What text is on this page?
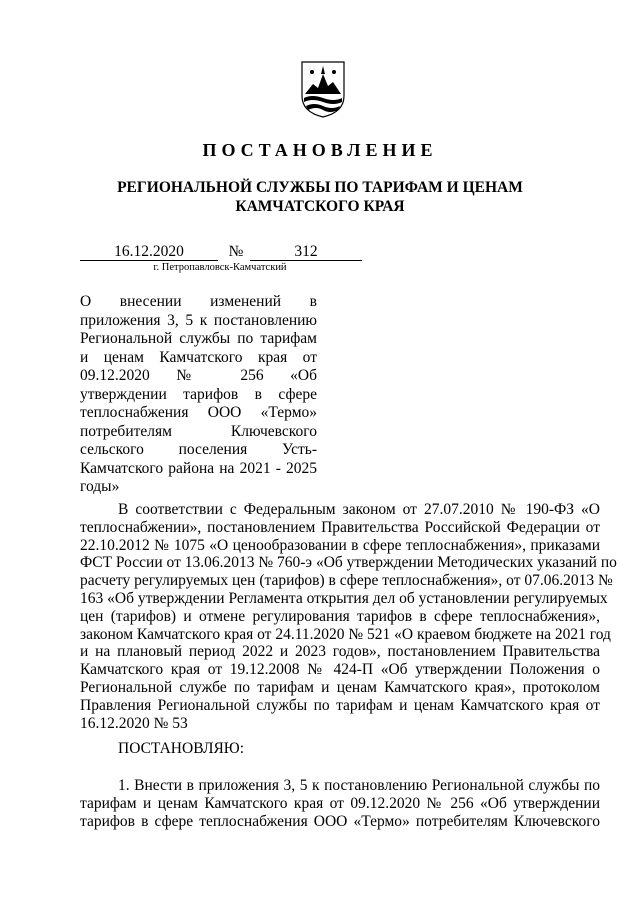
ПОСТАНОВЛЕНИЕ
РЕГИОНАЛЬНОЙ СЛУЖБЫ ПО ТАРИФАМ И ЦЕНАМ
КАМЧАТСКОГО КРАЯ
16.12.2020	№	312
г. Петропавловск-Камчатский
О внесении изменений в
приложения 3, 5 к постановлению
Региональной службы по тарифам
и ценам Камчатского края от
09.12.2020 № 256 «Об
утверждении тарифов в сфере
теплоснабжения ООО «Термо»
потребителям Ключевского
сельского поселения Усть-
Камчатского района на 2021 - 2025
годы»
В соответствии с Федеральным законом от 27.07.2010 № 190-ФЗ «О
теплоснабжении», постановлением Правительства Российской Федерации от
22.10.2012 № 1075 «О ценообразовании в сфере теплоснабжения», приказами
ФСТ России от 13.06.2013 № 760-э «Об утверждении Методических указаний по
расчету регулируемых цен (тарифов) в сфере теплоснабжения», от 07.06.2013 №
163 «Об утверждении Регламента открытия дел об установлении регулируемых
цен (тарифов) и отмене регулирования тарифов в сфере теплоснабжения»,
законом Камчатского края от 24.11.2020 № 521 «О краевом бюджете на 2021 год
и на плановый период 2022 и 2023 годов», постановлением Правительства
Камчатского края от 19.12.2008 № 424-П «Об утверждении Положения о
Региональной службе по тарифам и ценам Камчатского края», протоколом
Правления Региональной службы по тарифам и ценам Камчатского края от
16.12.2020 № 53
ПОСТАНОВЛЯЮ:
1. Внести в приложения 3, 5 к постановлению Региональной службы по
тарифам и ценам Камчатского края от 09.12.2020 № 256 «Об утверждении
тарифов в сфере теплоснабжения ООО «Термо» потребителям Ключевского
